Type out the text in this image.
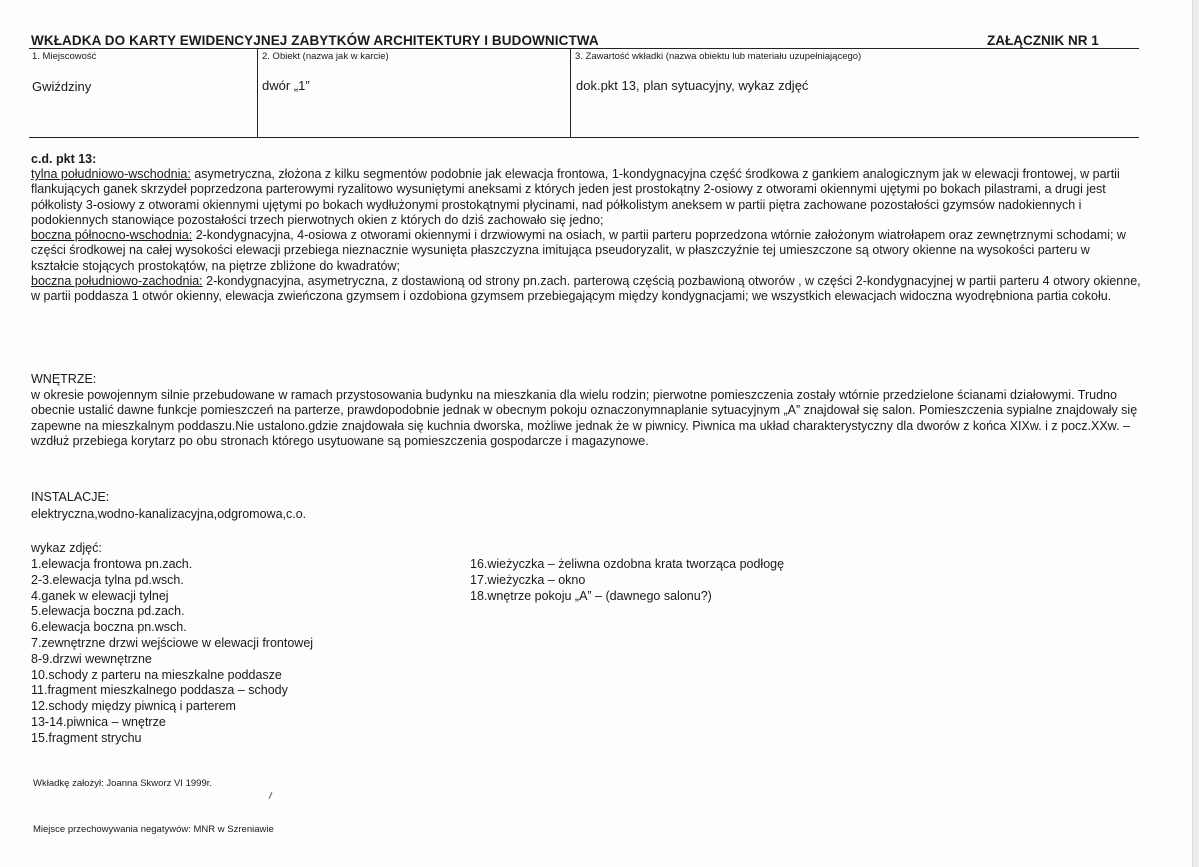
WKŁADKA DO KARTY EWIDENCYJNEJ ZABYTKÓW ARCHITEKTURY I BUDOWNICTWA	ZAŁĄCZNIK NR 1
1. Miejscowość
Gwiździny
2. Obiekt (nazwa jak w karcie)
dwór „1”
3. Zawartość wkładki (nazwa obiektu lub materiału uzupełniającego)
dok.pkt 13, plan sytuacyjny, wykaz zdjęć
c.d. pkt 13:
tylna południowo-wschodnia: asymetryczna, złożona z kilku segmentów podobnie jak elewacja frontowa, 1-kondygnacyjna część środkowa z gankiem analogicznym jak w elewacji frontowej, w partii flankujących ganek skrzydeł poprzedzona parterowymi ryzalitowo wysuniętymi aneksami z których jeden jest prostokątny 2-osiowy z otworami okiennymi ujętymi po bokach pilastrami, a drugi jest półkolisty 3-osiowy z otworami okiennymi ujętymi po bokach wydłużonymi prostokątnymi płycinami, nad półkolistym aneksem w partii piętra zachowane pozostałości gzymsów nadokiennych i podokiennych stanowiące pozostałości trzech pierwotnych okien z których do dziś zachowało się jedno;
boczna północno-wschodnia: 2-kondygnacyjna, 4-osiowa z otworami okiennymi i drzwiowymi na osiach, w partii parteru poprzedzona wtórnie założonym wiatrołapem oraz zewnętrznymi schodami; w części środkowej na całej wysokości elewacji przebiega nieznacznie wysunięta płaszczyzna imitująca pseudoryzalit, w płaszczyźnie tej umieszczone są otwory okienne na wysokości parteru w kształcie stojących prostokątów, na piętrze zbliżone do kwadratów;
boczna południowo-zachodnia: 2-kondygnacyjna, asymetryczna, z dostawioną od strony pn.zach. parterową częścią pozbawioną otworów , w części 2-kondygnacyjnej w partii parteru 4 otwory okienne, w partii poddasza 1 otwór okienny, elewacja zwieńczona gzymsem i ozdobiona gzymsem przebiegającym między kondygnacjami; we wszystkich elewacjach widoczna wyodrębniona partia cokołu.
WNĘTRZE:
w okresie powojennym silnie przebudowane w ramach przystosowania budynku na mieszkania dla wielu rodzin; pierwotne pomieszczenia zostały wtórnie przedzielone ścianami działowymi. Trudno obecnie ustalić dawne funkcje pomieszczeń na parterze, prawdopodobnie jednak w obecnym pokoju oznaczonymnaplanie sytuacyjnym „A” znajdował się salon. Pomieszczenia sypialne znajdowały się zapewne na mieszkalnym poddaszu.Nie ustalono.gdzie znajdowała się kuchnia dworska, możliwe jednak że w piwnicy. Piwnica ma układ charakterystyczny dla dworów z końca XIXw. i z pocz.XXw. – wzdłuż przebiega korytarz po obu stronach którego usytuowane są pomieszczenia gospodarcze i magazynowe.
INSTALACJE:
elektryczna,wodno-kanalizacyjna,odgromowa,c.o.
wykaz zdjęć:
1.elewacja frontowa pn.zach.
2-3.elewacja tylna pd.wsch.
4.ganek w elewacji tylnej
5.elewacja boczna pd.zach.
6.elewacja boczna pn.wsch.
7.zewnętrzne drzwi wejściowe w elewacji frontowej
8-9.drzwi wewnętrzne
10.schody z parteru na mieszkalne poddasze
11.fragment mieszkalnego poddasza – schody
12.schody między piwnicą i parterem
13-14.piwnica – wnętrze
15.fragment strychu
16.wieżyczka – żeliwna ozdobna krata tworząca podłogę
17.wieżyczka – okno
18.wnętrze pokoju „A” – (dawnego salonu?)
Wkładkę założył: Joanna Skworz VI 1999r.
Miejsce przechowywania negatywów: MNR w Szreniawie
